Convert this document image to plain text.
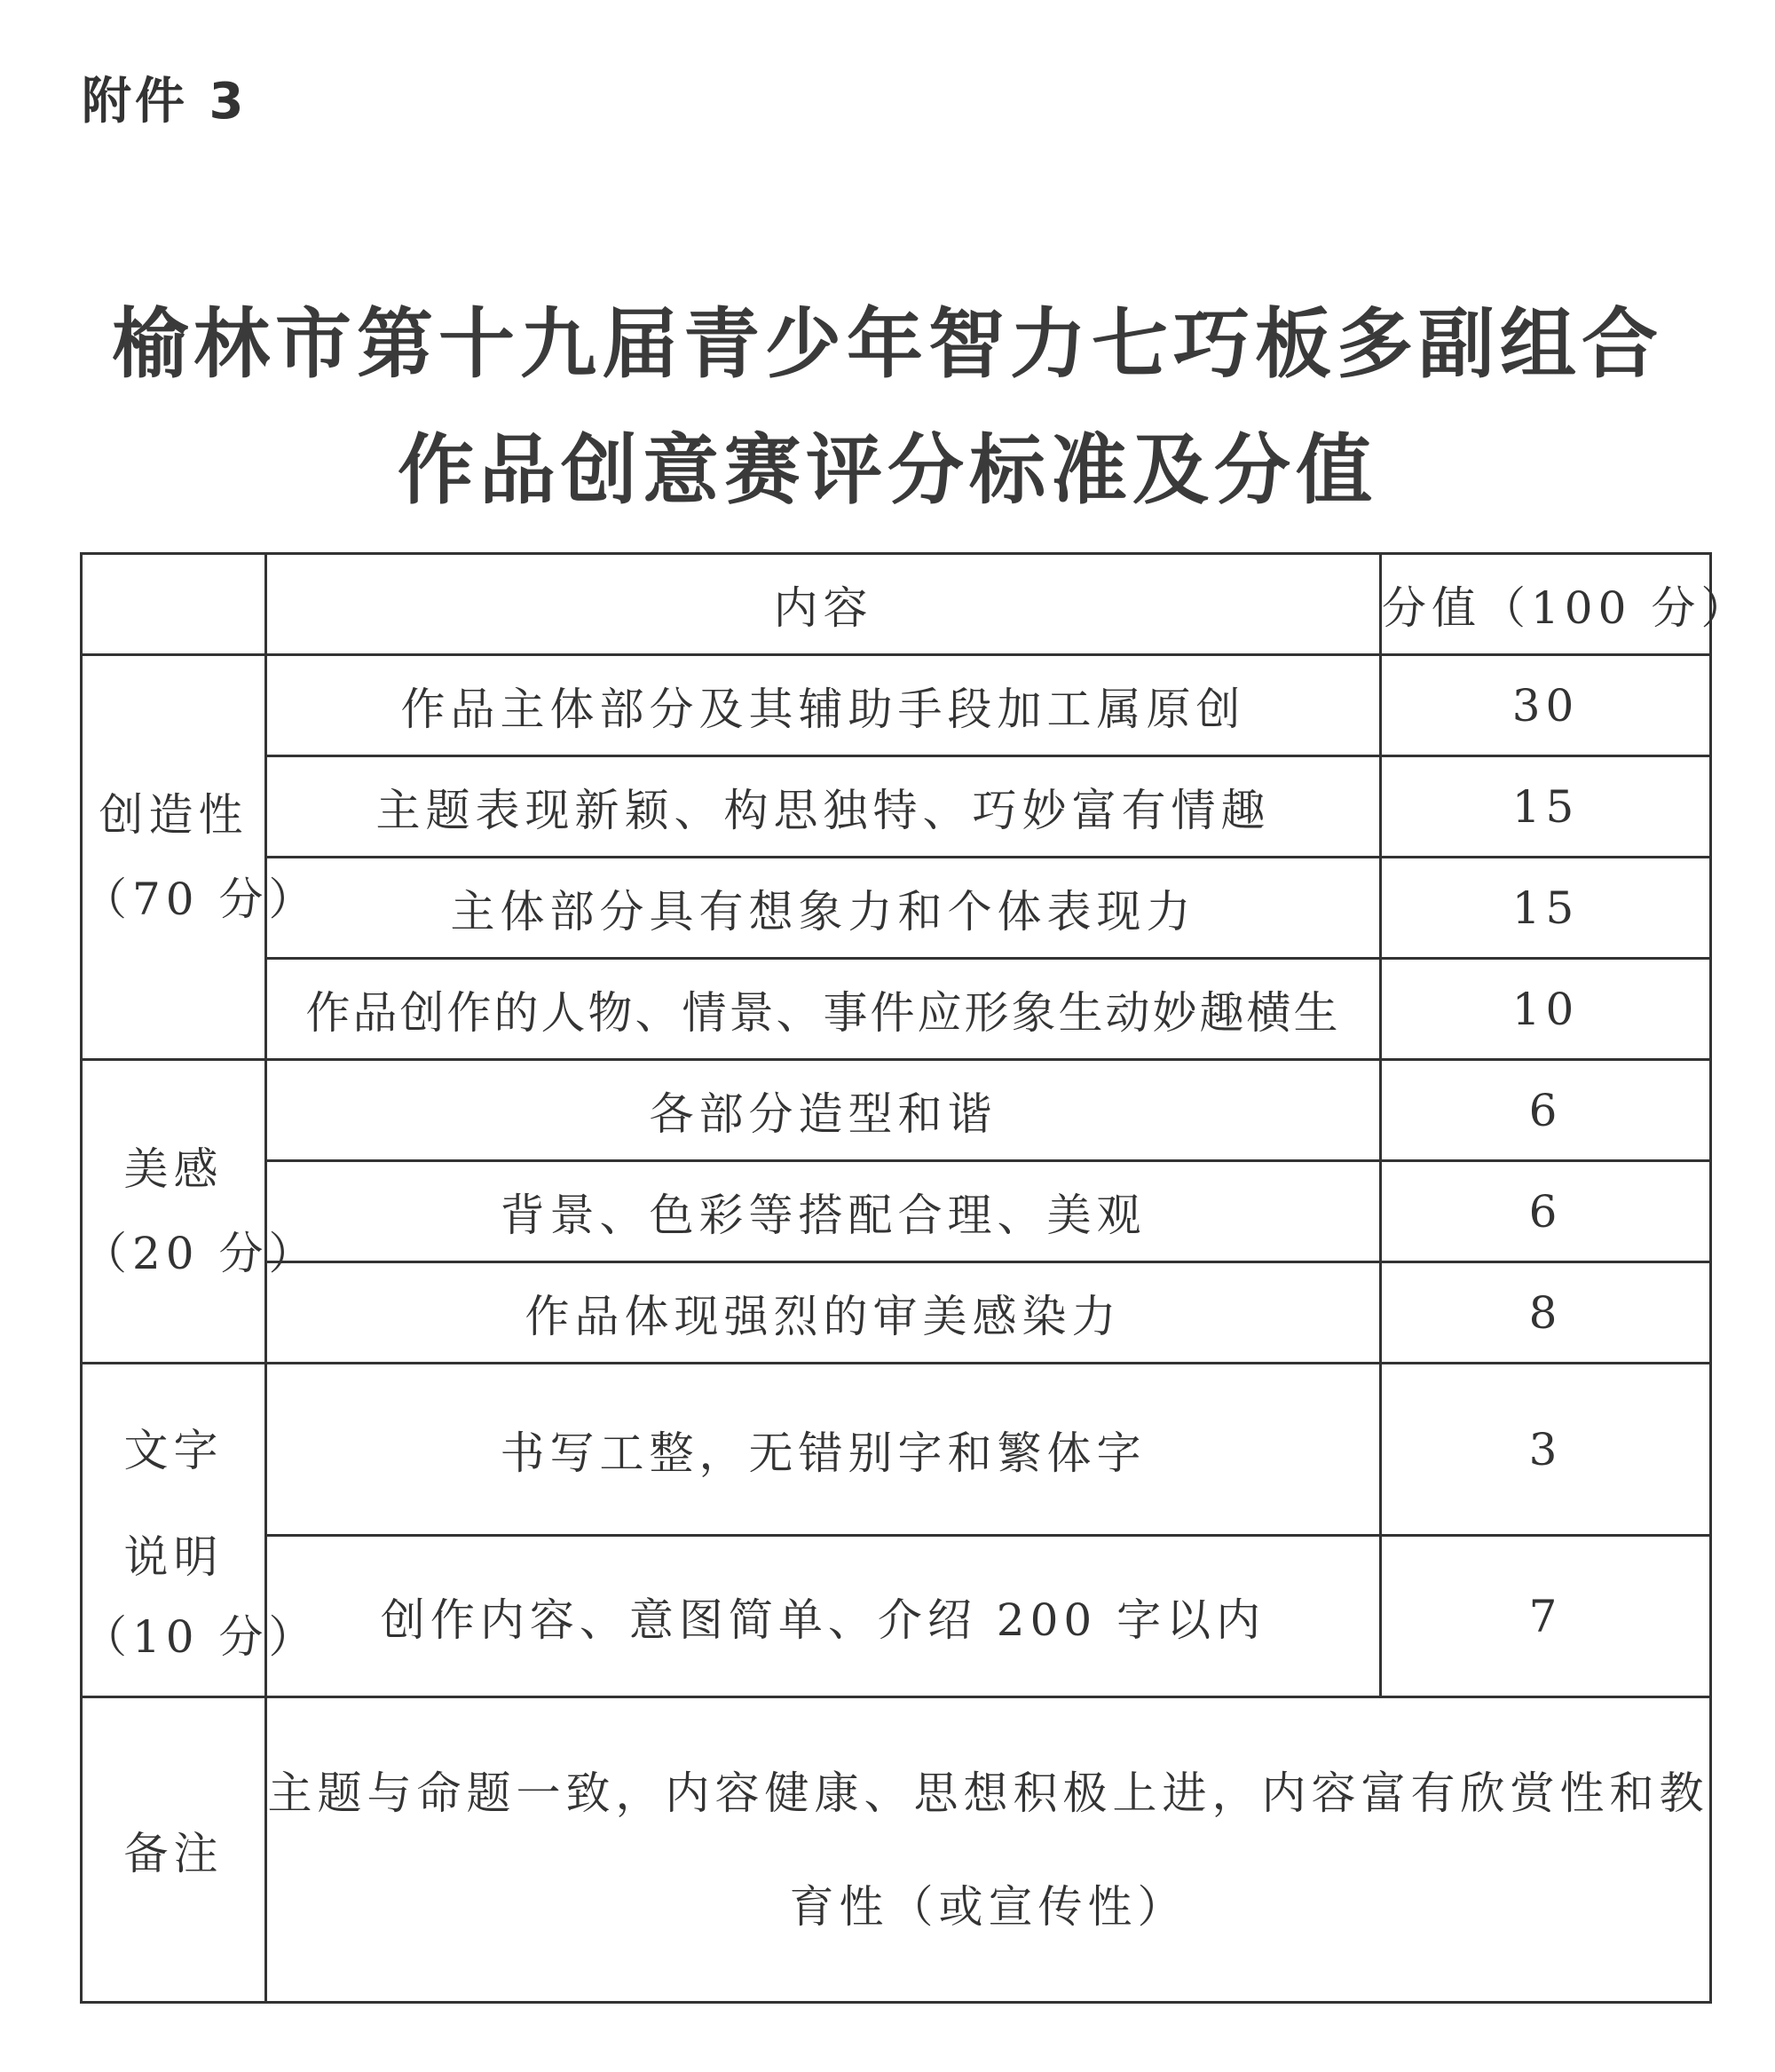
附件 3
榆林市第十九届青少年智力七巧板多副组合
作品创意赛评分标准及分值
	内容	分值（100 分）

创造性
（70 分）	作品主体部分及其辅助手段加工属原创	30
	主题表现新颖、构思独特、巧妙富有情趣	15
	主体部分具有想象力和个体表现力	15
	作品创作的人物、情景、事件应形象生动妙趣横生	10

美感
（20 分）	各部分造型和谐	6
	背景、色彩等搭配合理、美观	6
	作品体现强烈的审美感染力	8

文字
说明
（10 分）	书写工整，无错别字和繁体字	3
	创作内容、意图简单、介绍 200 字以内	7
备注	主题与命题一致，内容健康、思想积极上进，内容富有欣赏性和教育性（或宣传性）	
